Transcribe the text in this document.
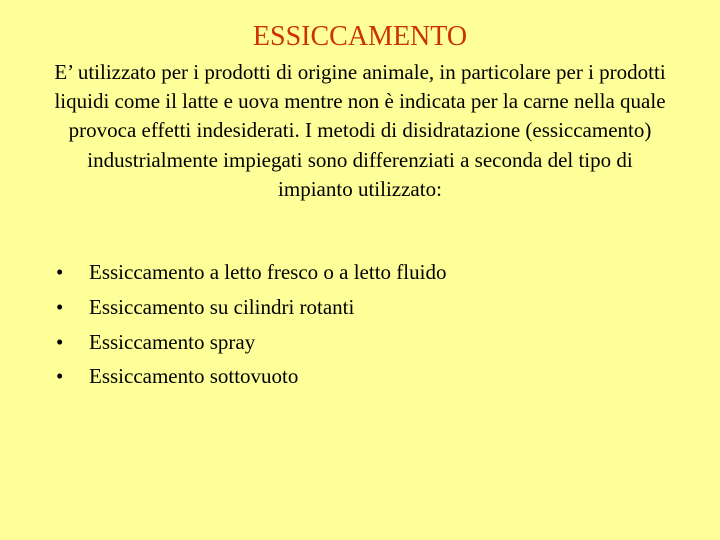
ESSICCAMENTO
E’ utilizzato per i prodotti di origine animale, in particolare per i prodotti liquidi come il latte e uova mentre non è indicata per la carne nella quale provoca effetti indesiderati. I metodi di disidratazione (essiccamento) industrialmente impiegati sono differenziati a seconda del tipo di impianto utilizzato:
• Essiccamento a letto fresco o a letto fluido
• Essiccamento su cilindri rotanti
• Essiccamento spray
• Essiccamento sottovuoto
